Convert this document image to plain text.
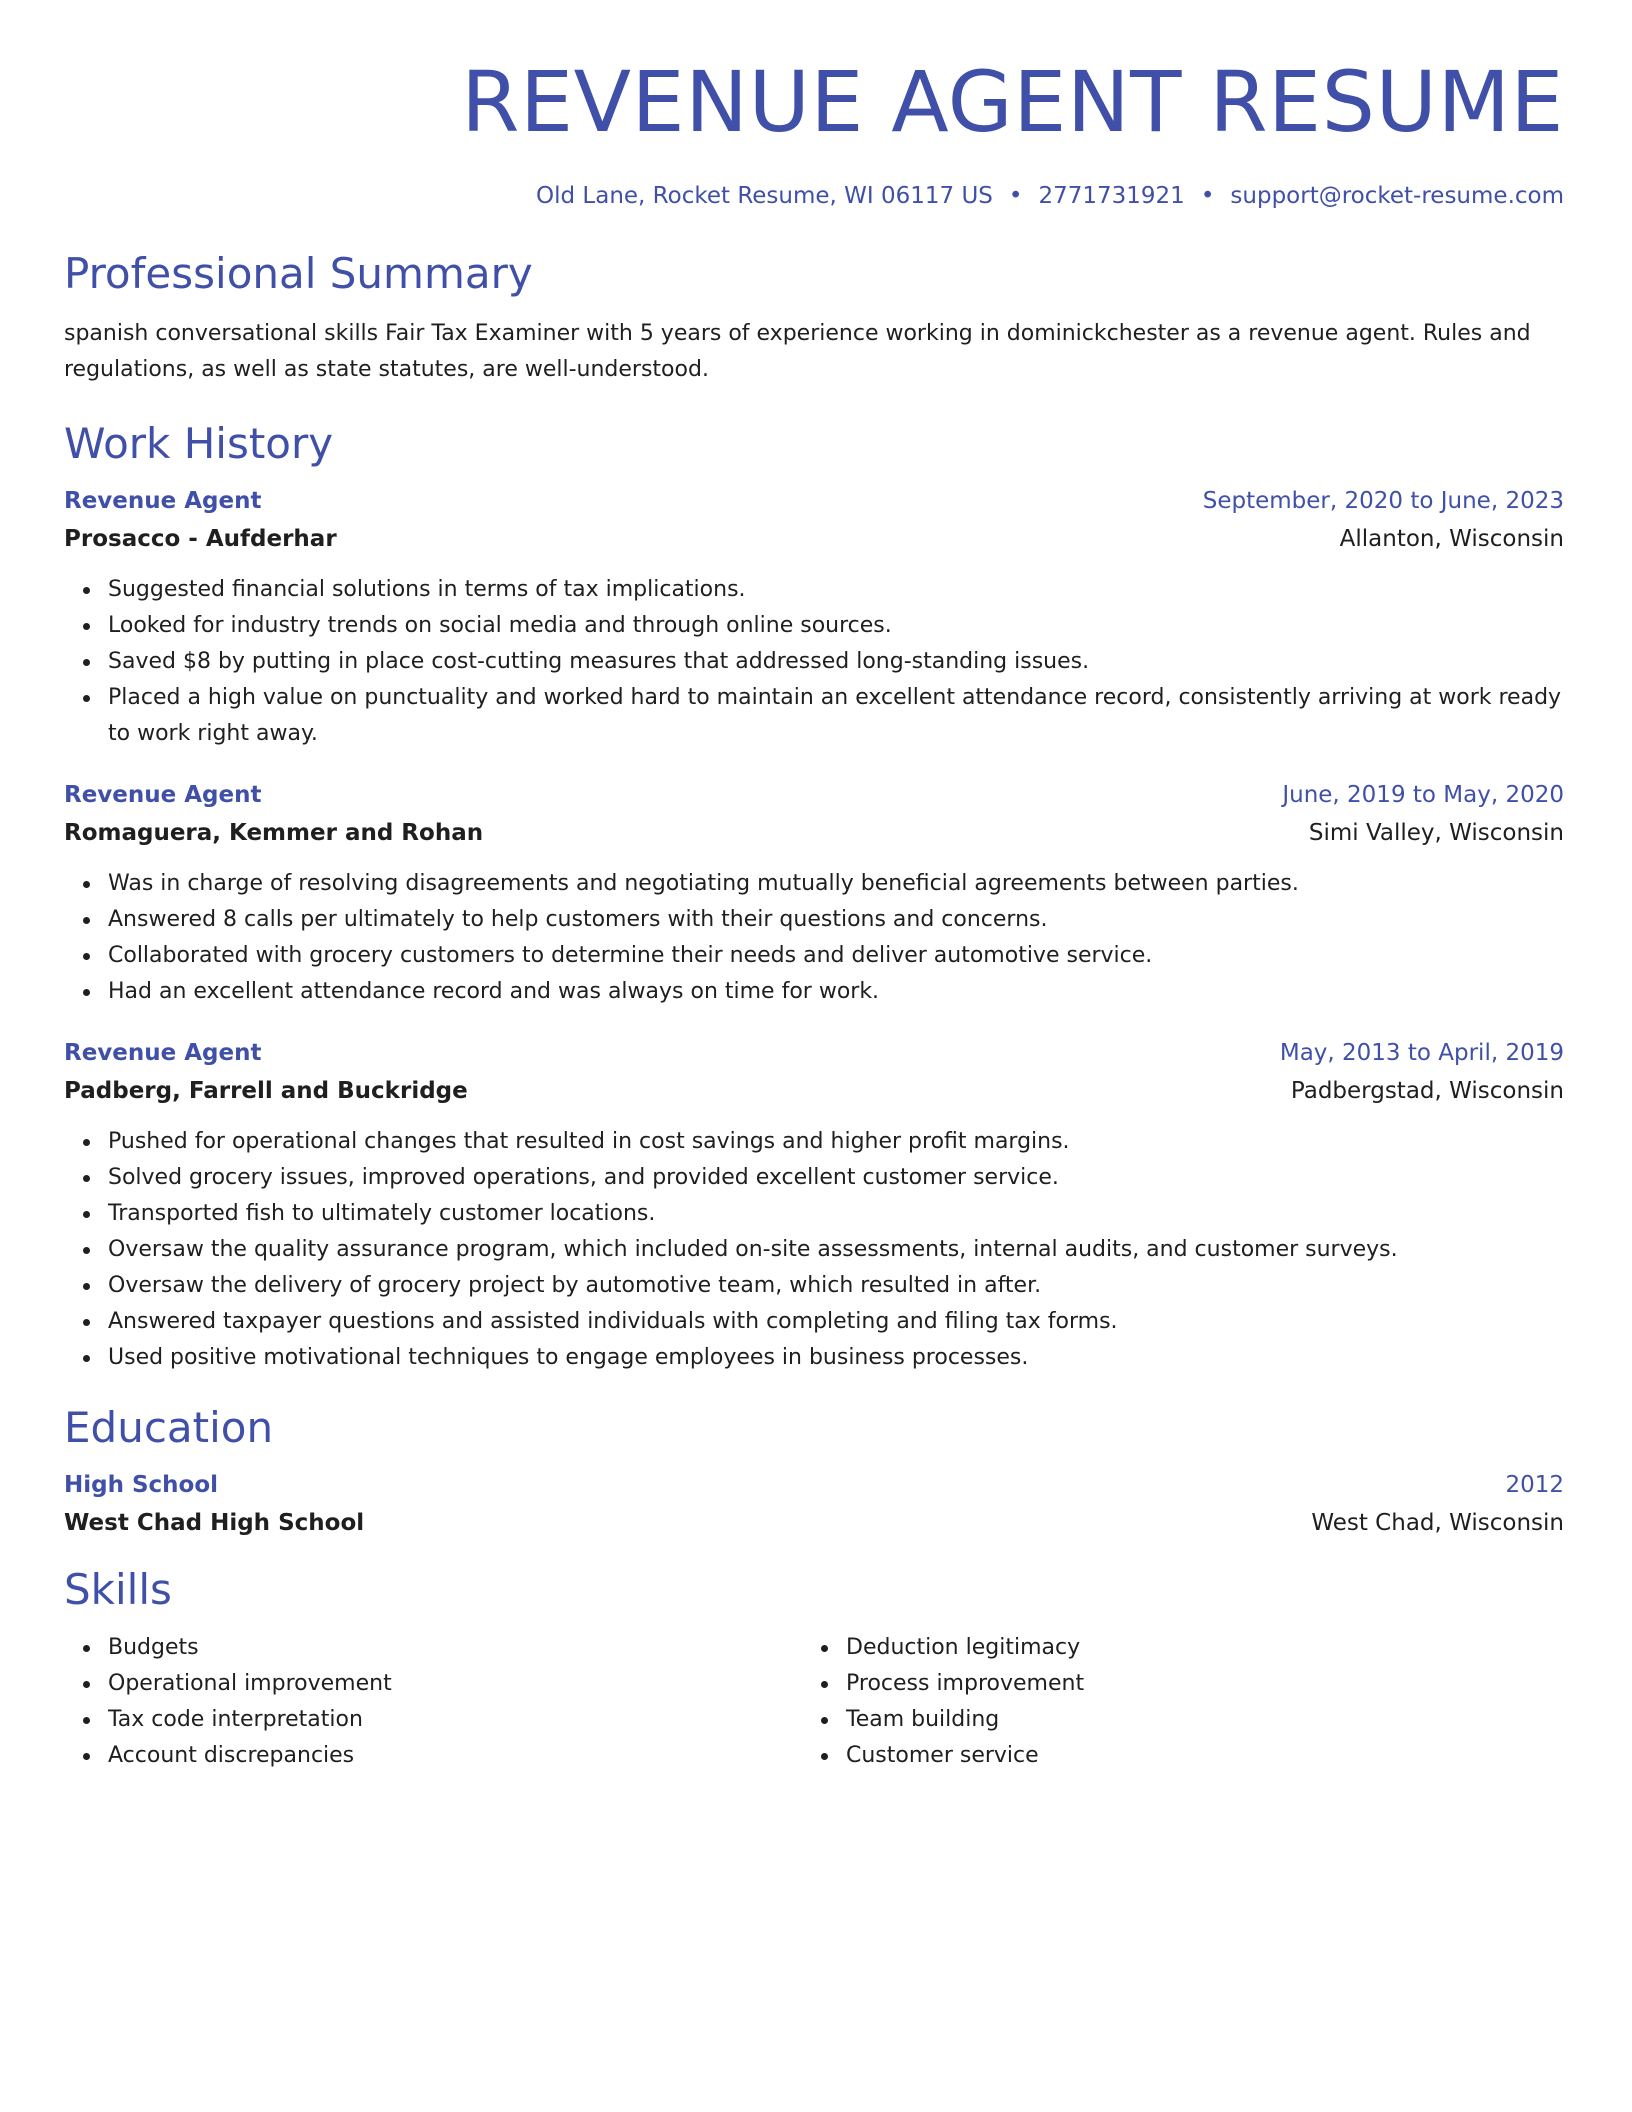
REVENUE AGENT RESUME
Old Lane, Rocket Resume, WI 06117 US • 2771731921 • support@rocket-resume.com
Professional Summary

spanish conversational skills Fair Tax Examiner with 5 years of experience working in dominickchester as a revenue agent. Rules and regulations, as well as state statutes, are well-understood.

Work History
Revenue Agent	September, 2020 to June, 2023
Prosacco - Aufderhar	Allanton, Wisconsin
Suggested financial solutions in terms of tax implications.
Looked for industry trends on social media and through online sources.
Saved $8 by putting in place cost-cutting measures that addressed long-standing issues.
Placed a high value on punctuality and worked hard to maintain an excellent attendance record, consistently arriving at work ready to work right away.
Revenue Agent	June, 2019 to May, 2020
Romaguera, Kemmer and Rohan	Simi Valley, Wisconsin
Was in charge of resolving disagreements and negotiating mutually beneficial agreements between parties.
Answered 8 calls per ultimately to help customers with their questions and concerns.
Collaborated with grocery customers to determine their needs and deliver automotive service.
Had an excellent attendance record and was always on time for work.
Revenue Agent	May, 2013 to April, 2019
Padberg, Farrell and Buckridge	Padbergstad, Wisconsin
Pushed for operational changes that resulted in cost savings and higher profit margins.
Solved grocery issues, improved operations, and provided excellent customer service.
Transported fish to ultimately customer locations.
Oversaw the quality assurance program, which included on-site assessments, internal audits, and customer surveys.
Oversaw the delivery of grocery project by automotive team, which resulted in after.
Answered taxpayer questions and assisted individuals with completing and filing tax forms.
Used positive motivational techniques to engage employees in business processes.
Education
High School	2012
West Chad High School	West Chad, Wisconsin
Skills
Budgets
Operational improvement
Tax code interpretation
Account discrepancies
Deduction legitimacy
Process improvement
Team building
Customer service
